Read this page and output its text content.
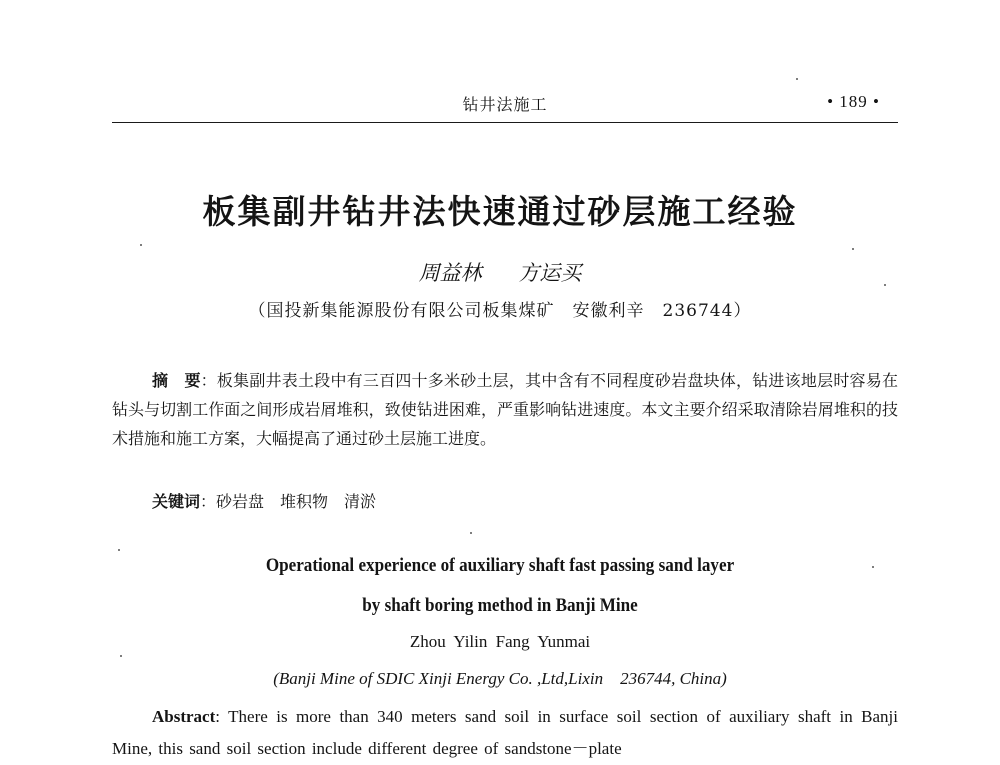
钻井法施工	• 189 •
板集副井钻井法快速通过砂层施工经验
周益林 方运买
（国投新集能源股份有限公司板集煤矿　安徽利辛　236744）
摘　要：板集副井表土段中有三百四十多米砂土层，其中含有不同程度砂岩盘块体，钻进该地层时容易在钻头与切割工作面之间形成岩屑堆积，致使钻进困难，严重影响钻进速度。本文主要介绍采取清除岩屑堆积的技术措施和施工方案，大幅提高了通过砂土层施工进度。
关键词：砂岩盘　堆积物　清淤
Operational experience of auxiliary shaft fast passing sand layer
by shaft boring method in Banji Mine
Zhou Yilin Fang Yunmai
(Banji Mine of SDIC Xinji Energy Co. ,Ltd,Lixin　236744, China)
Abstract: There is more than 340 meters sand soil in surface soil section of auxiliary shaft in Banji Mine, this sand soil section include different degree of sandstone－plate
